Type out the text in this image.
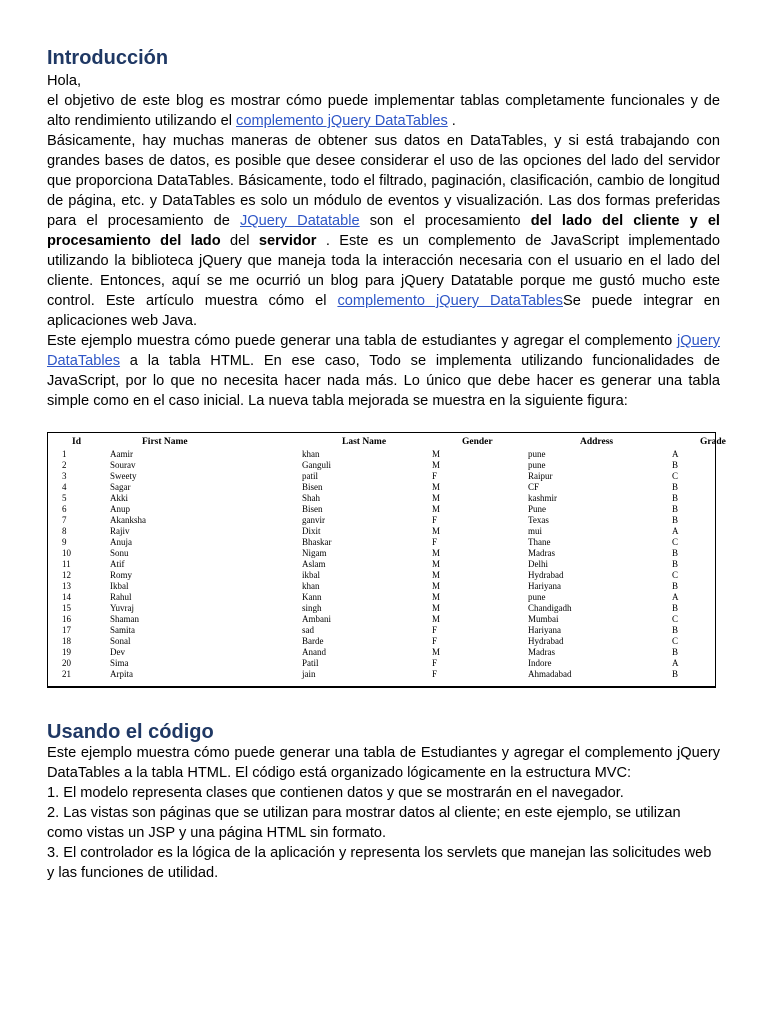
Introducción

Hola,

el objetivo de este blog es mostrar cómo puede implementar tablas completamente funcionales y de alto rendimiento utilizando el complemento jQuery DataTables .

Básicamente, hay muchas maneras de obtener sus datos en DataTables, y si está trabajando con grandes bases de datos, es posible que desee considerar el uso de las opciones del lado del servidor que proporciona DataTables. Básicamente, todo el filtrado, paginación, clasificación, cambio de longitud de página, etc. y DataTables es solo un módulo de eventos y visualización. Las dos formas preferidas para el procesamiento de JQuery Datatable son el procesamiento del lado del cliente y el procesamiento del lado del servidor . Este es un complemento de JavaScript implementado utilizando la biblioteca jQuery que maneja toda la interacción necesaria con el usuario en el lado del cliente. Entonces, aquí se me ocurrió un blog para jQuery Datatable porque me gustó mucho este control. Este artículo muestra cómo el complemento jQuery DataTablesSe puede integrar en aplicaciones web Java.

Este ejemplo muestra cómo puede generar una tabla de estudiantes y agregar el complemento jQuery DataTables a la tabla HTML. En ese caso, Todo se implementa utilizando funcionalidades de JavaScript, por lo que no necesita hacer nada más. Lo único que debe hacer es generar una tabla simple como en el caso inicial. La nueva tabla mejorada se muestra en la siguiente figura:

Id	First Name	Last Name	Gender	Address	Grade
1	Aamir	khan	M	pune	A
2	Sourav	Ganguli	M	pune	B
3	Sweety	patil	F	Raipur	C
4	Sagar	Bisen	M	CF	B
5	Akki	Shah	M	kashmir	B
6	Anup	Bisen	M	Pune	B
7	Akanksha	ganvir	F	Texas	B
8	Rajiv	Dixit	M	mui	A
9	Anuja	Bhaskar	F	Thane	C
10	Sonu	Nigam	M	Madras	B
11	Atif	Aslam	M	Delhi	B
12	Romy	ikbal	M	Hydrabad	C
13	Ikbal	khan	M	Hariyana	B
14	Rahul	Kann	M	pune	A
15	Yuvraj	singh	M	Chandigadh	B
16	Shaman	Ambani	M	Mumbai	C
17	Samita	sad	F	Hariyana	B
18	Sonal	Barde	F	Hydrabad	C
19	Dev	Anand	M	Madras	B
20	Sima	Patil	F	Indore	A
21	Arpita	jain	F	Ahmadabad	B
Usando el código

Este ejemplo muestra cómo puede generar una tabla de Estudiantes y agregar el complemento jQuery DataTables a la tabla HTML. El código está organizado lógicamente en la estructura MVC:

1. El modelo representa clases que contienen datos y que se mostrarán en el navegador.

2. Las vistas son páginas que se utilizan para mostrar datos al cliente; en este ejemplo, se utilizan como vistas un JSP y una página HTML sin formato.

3. El controlador es la lógica de la aplicación y representa los servlets que manejan las solicitudes web y las funciones de utilidad.
